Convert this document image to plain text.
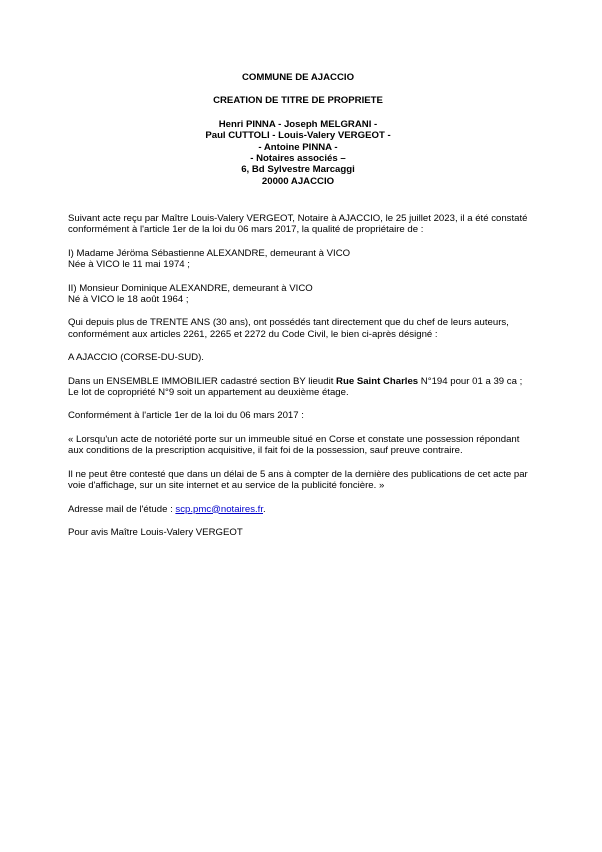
COMMUNE DE AJACCIO
CREATION DE TITRE DE PROPRIETE
Henri PINNA - Joseph MELGRANI -
Paul CUTTOLI - Louis-Valery VERGEOT -
- Antoine PINNA -
- Notaires associés –
6, Bd Sylvestre Marcaggi
20000 AJACCIO

Suivant acte reçu par Maître Louis-Valery VERGEOT, Notaire à AJACCIO, le 25 juillet 2023, il a été constaté conformément à l'article 1er de la loi du 06 mars 2017, la qualité de propriétaire de :

I) Madame Jéröma Sébastienne ALEXANDRE, demeurant à VICO
Née à VICO le 11 mai 1974 ;

II) Monsieur Dominique ALEXANDRE, demeurant à VICO
Né à VICO le 18 août 1964 ;

Qui depuis plus de TRENTE ANS (30 ans), ont possédés tant directement que du chef de leurs auteurs, conformément aux articles 2261, 2265 et 2272 du Code Civil, le bien ci-après désigné :

A AJACCIO (CORSE-DU-SUD).

Dans un ENSEMBLE IMMOBILIER cadastré section BY lieudit Rue Saint Charles N°194 pour 01 a 39 ca ;
Le lot de copropriété N°9 soit un appartement au deuxième étage.

Conformément à l'article 1er de la loi du 06 mars 2017 :

« Lorsqu'un acte de notoriété porte sur un immeuble situé en Corse et constate une possession répondant aux conditions de la prescription acquisitive, il fait foi de la possession, sauf preuve contraire.

Il ne peut être contesté que dans un délai de 5 ans à compter de la dernière des publications de cet acte par voie d'affichage, sur un site internet et au service de la publicité foncière. »

Adresse mail de l'étude : scp.pmc@notaires.fr.

Pour avis Maître Louis-Valery VERGEOT
